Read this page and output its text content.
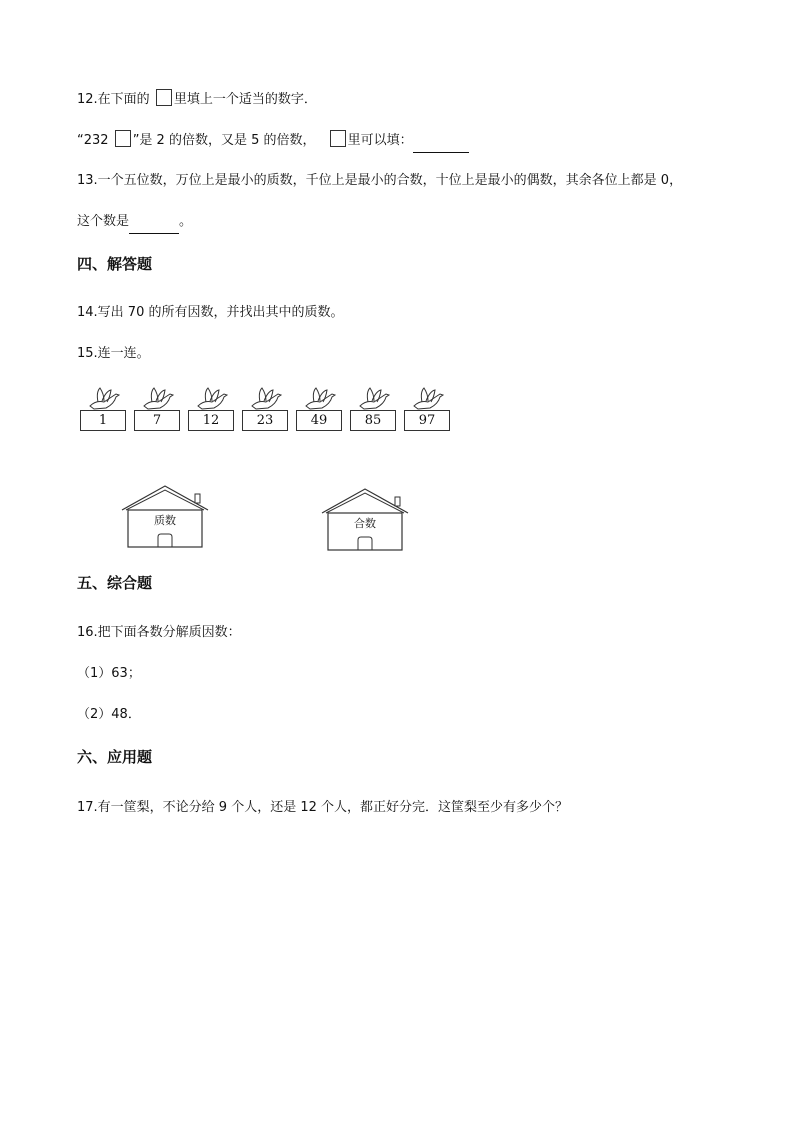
12.在下面的 里填上一个适当的数字．
“232 ”是 2 的倍数，又是 5 的倍数， 里可以填：
13.一个五位数，万位上是最小的质数，千位上是最小的合数，十位上是最小的偶数，其余各位上都是 0，
这个数是	。
四、解答题
14.写出 70 的所有因数，并找出其中的质数。
15.连一连。
1	7	12	23	49	85	97
质数	合数
五、综合题
16.把下面各数分解质因数：
（1）63；
（2）48．
六、应用题
17.有一筐梨，不论分给 9 个人，还是 12 个人，都正好分完．这筐梨至少有多少个？
